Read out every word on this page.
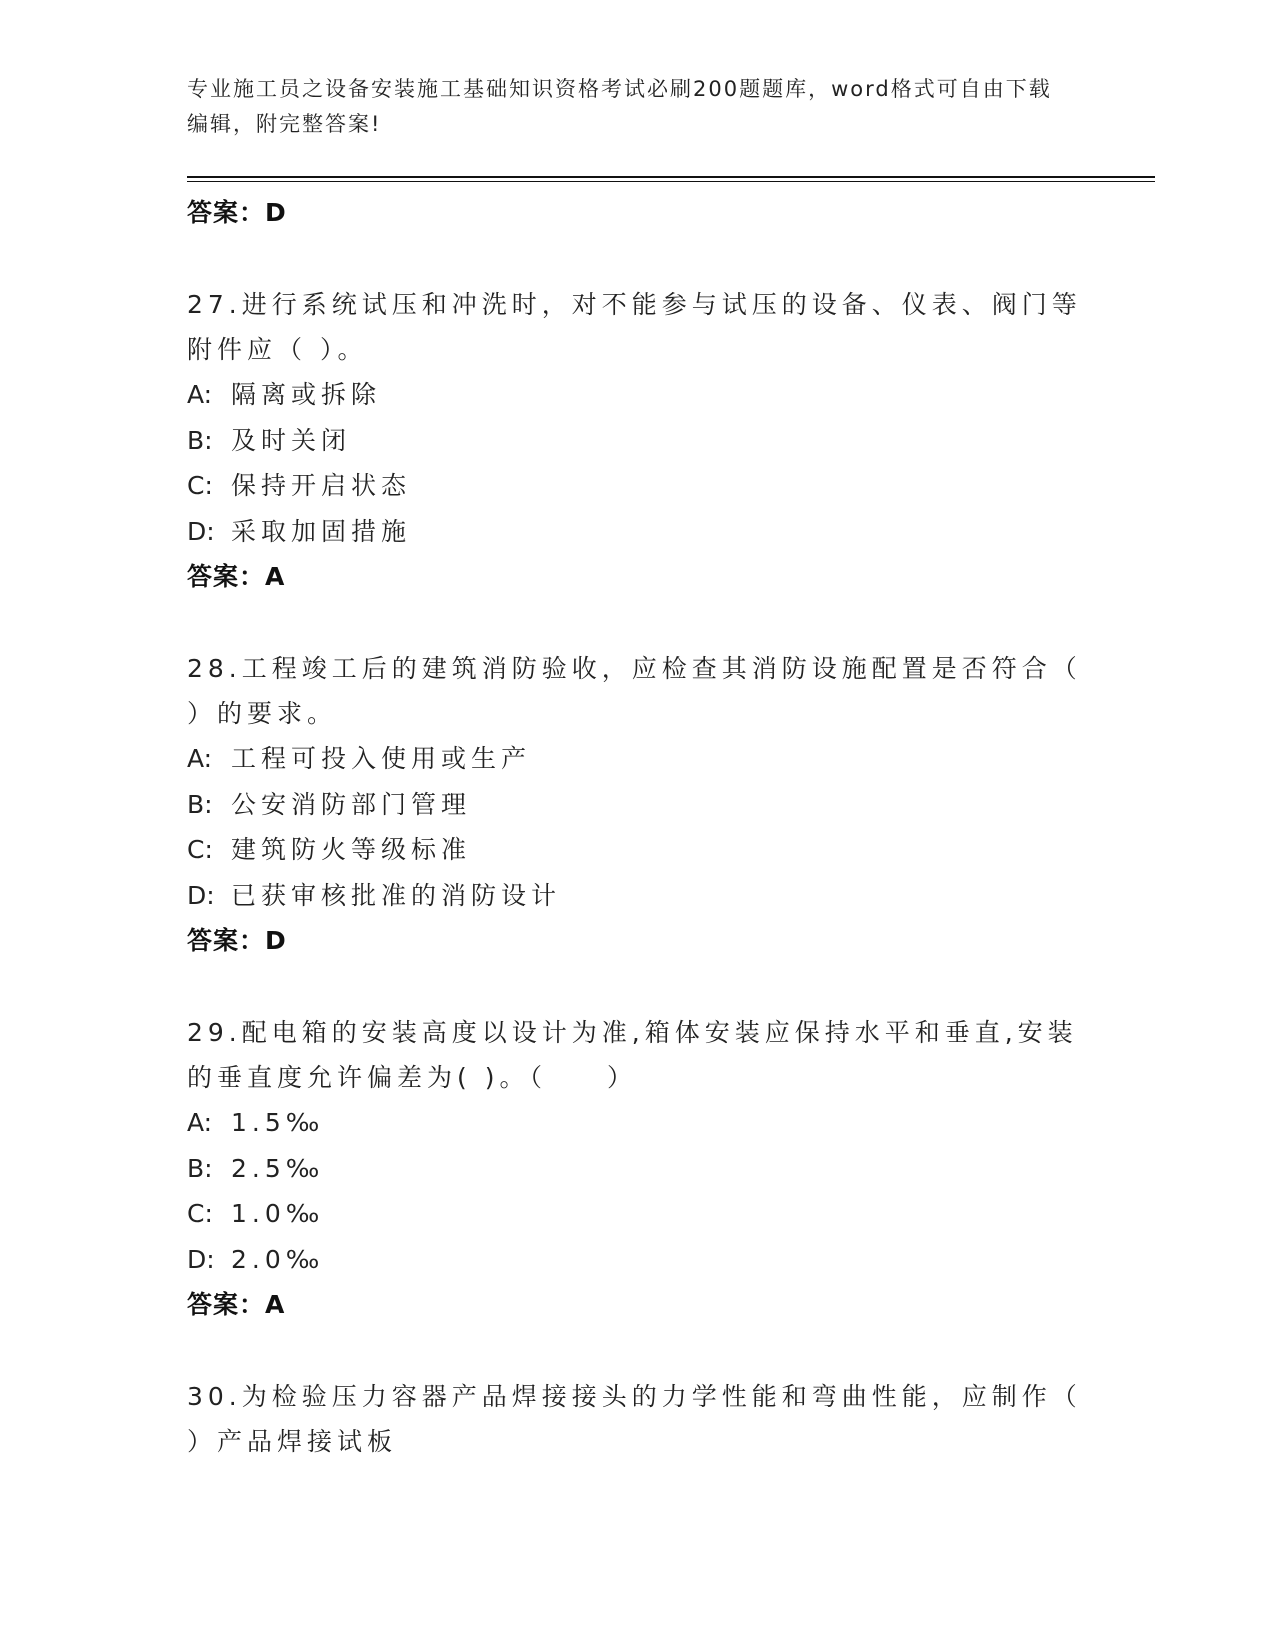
专业施工员之设备安装施工基础知识资格考试必刷200题题库，word格式可自由下载编辑，附完整答案!
答案：D
27.进行系统试压和冲洗时，对不能参与试压的设备、仪表、阀门等附件应（ ）。
A: 隔离或拆除
B: 及时关闭
C: 保持开启状态
D: 采取加固措施
答案：A
28.工程竣工后的建筑消防验收，应检查其消防设施配置是否符合（ ）的要求。
A: 工程可投入使用或生产
B: 公安消防部门管理
C: 建筑防火等级标准
D: 已获审核批准的消防设计
答案：D
29.配电箱的安装高度以设计为准,箱体安装应保持水平和垂直,安装的垂直度允许偏差为( )。（　　）
A: 1.5‰
B: 2.5‰
C: 1.0‰
D: 2.0‰
答案：A
30.为检验压力容器产品焊接接头的力学性能和弯曲性能，应制作（ ）产品焊接试板
